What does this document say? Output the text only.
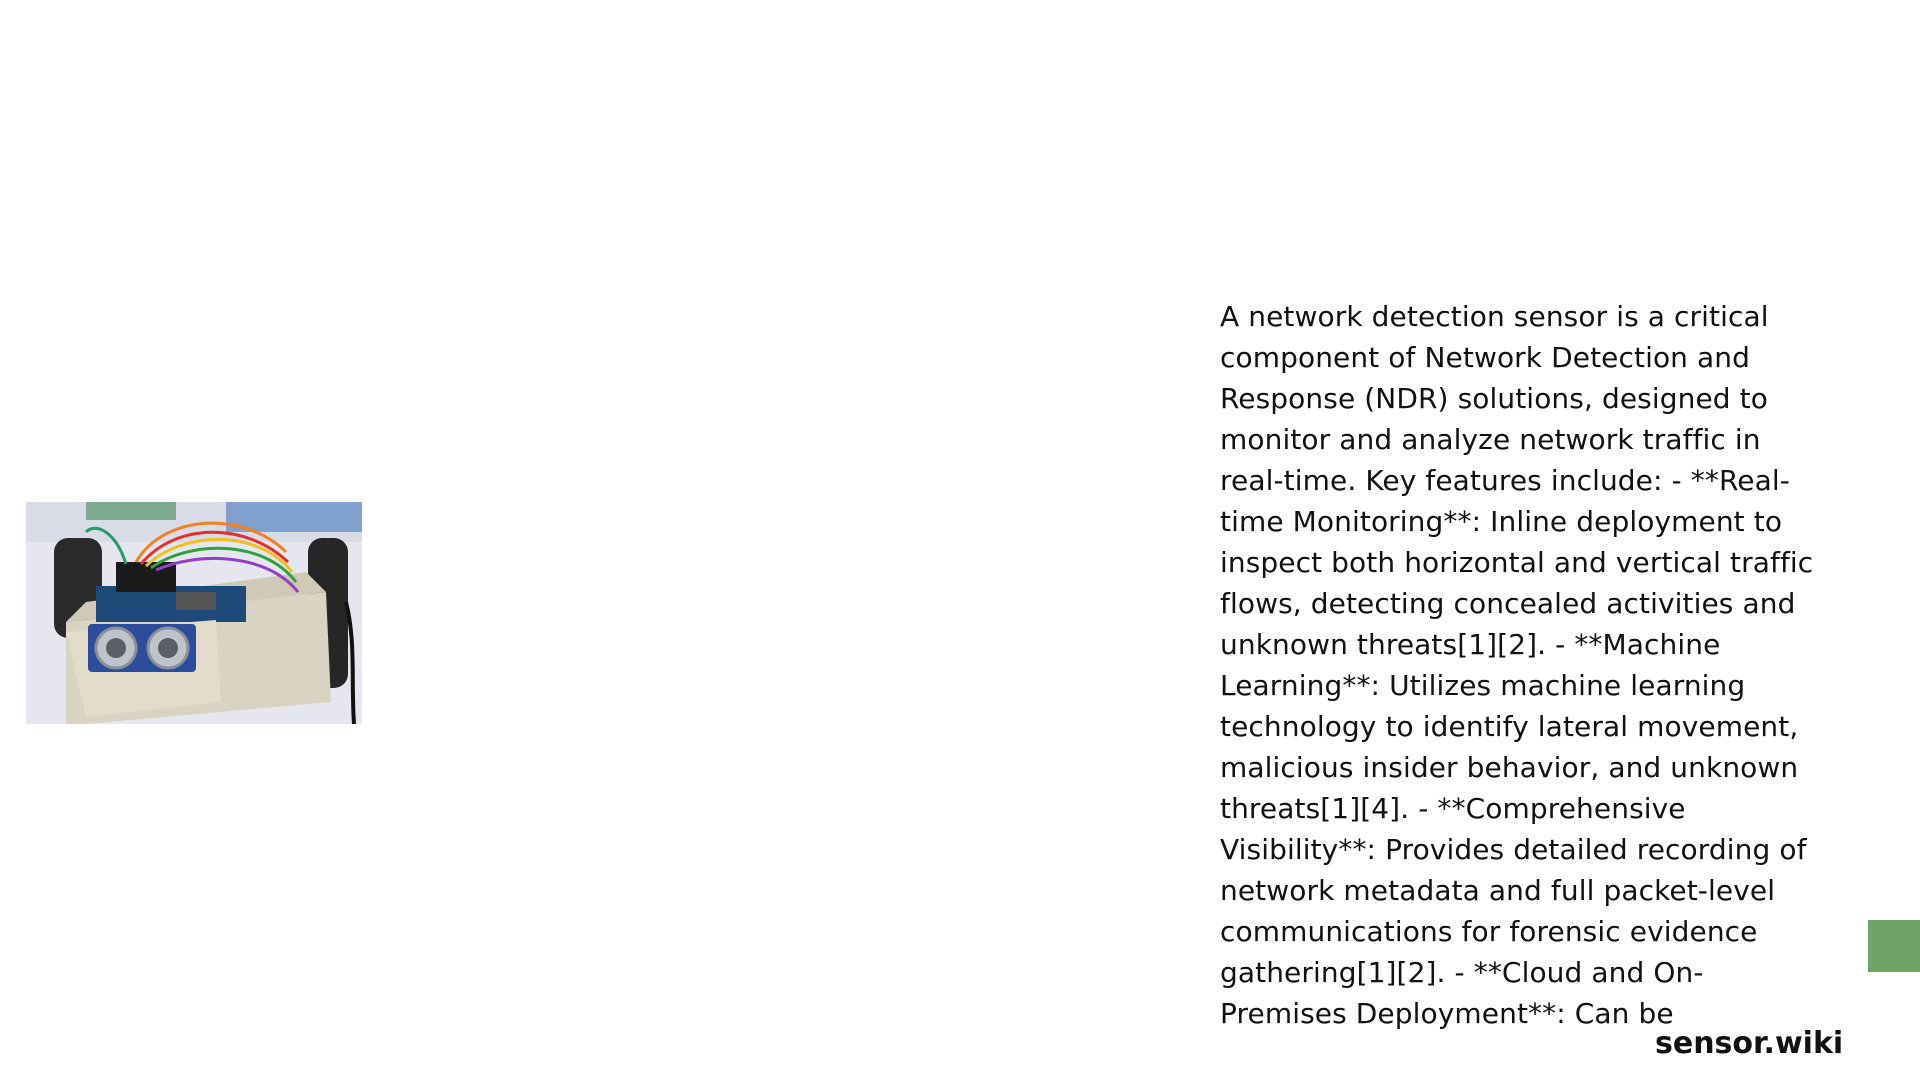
A network detection sensor is a critical component of Network Detection and Response (NDR) solutions, designed to monitor and analyze network traffic in real-time. Key features include: - **Real-time Monitoring**: Inline deployment to inspect both horizontal and vertical traffic flows, detecting concealed activities and unknown threats[1][2]. - **Machine Learning**: Utilizes machine learning technology to identify lateral movement, malicious insider behavior, and unknown threats[1][4]. - **Comprehensive Visibility**: Provides detailed recording of network metadata and full packet-level communications for forensic evidence gathering[1][2]. - **Cloud and On-Premises Deployment**: Can be
sensor.wiki
